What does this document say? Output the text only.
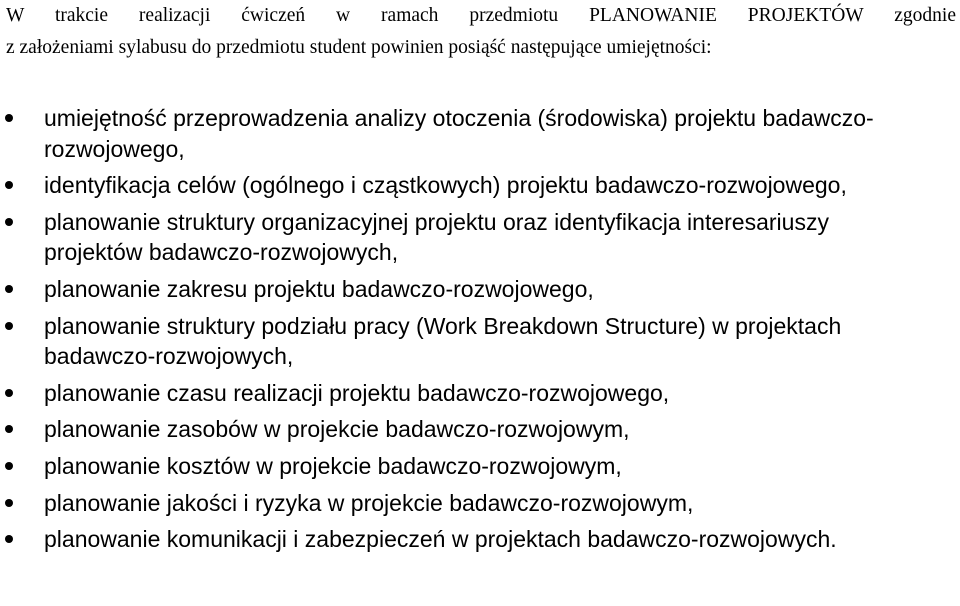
W trakcie realizacji ćwiczeń w ramach przedmiotu PLANOWANIE PROJEKTÓW zgodnie
z założeniami sylabusu do przedmiotu student powinien posiąść następujące umiejętności:
umiejętność przeprowadzenia analizy otoczenia (środowiska) projektu badawczo-rozwojowego,
identyfikacja celów (ogólnego i cząstkowych) projektu badawczo-rozwojowego,
planowanie struktury organizacyjnej projektu oraz identyfikacja interesariuszy projektów badawczo-rozwojowych,
planowanie zakresu projektu badawczo-rozwojowego,
planowanie struktury podziału pracy (Work Breakdown Structure) w projektach badawczo-rozwojowych,
planowanie czasu realizacji projektu badawczo-rozwojowego,
planowanie zasobów w projekcie badawczo-rozwojowym,
planowanie kosztów w projekcie badawczo-rozwojowym,
planowanie jakości i ryzyka w projekcie badawczo-rozwojowym,
planowanie komunikacji i zabezpieczeń w projektach badawczo-rozwojowych.
